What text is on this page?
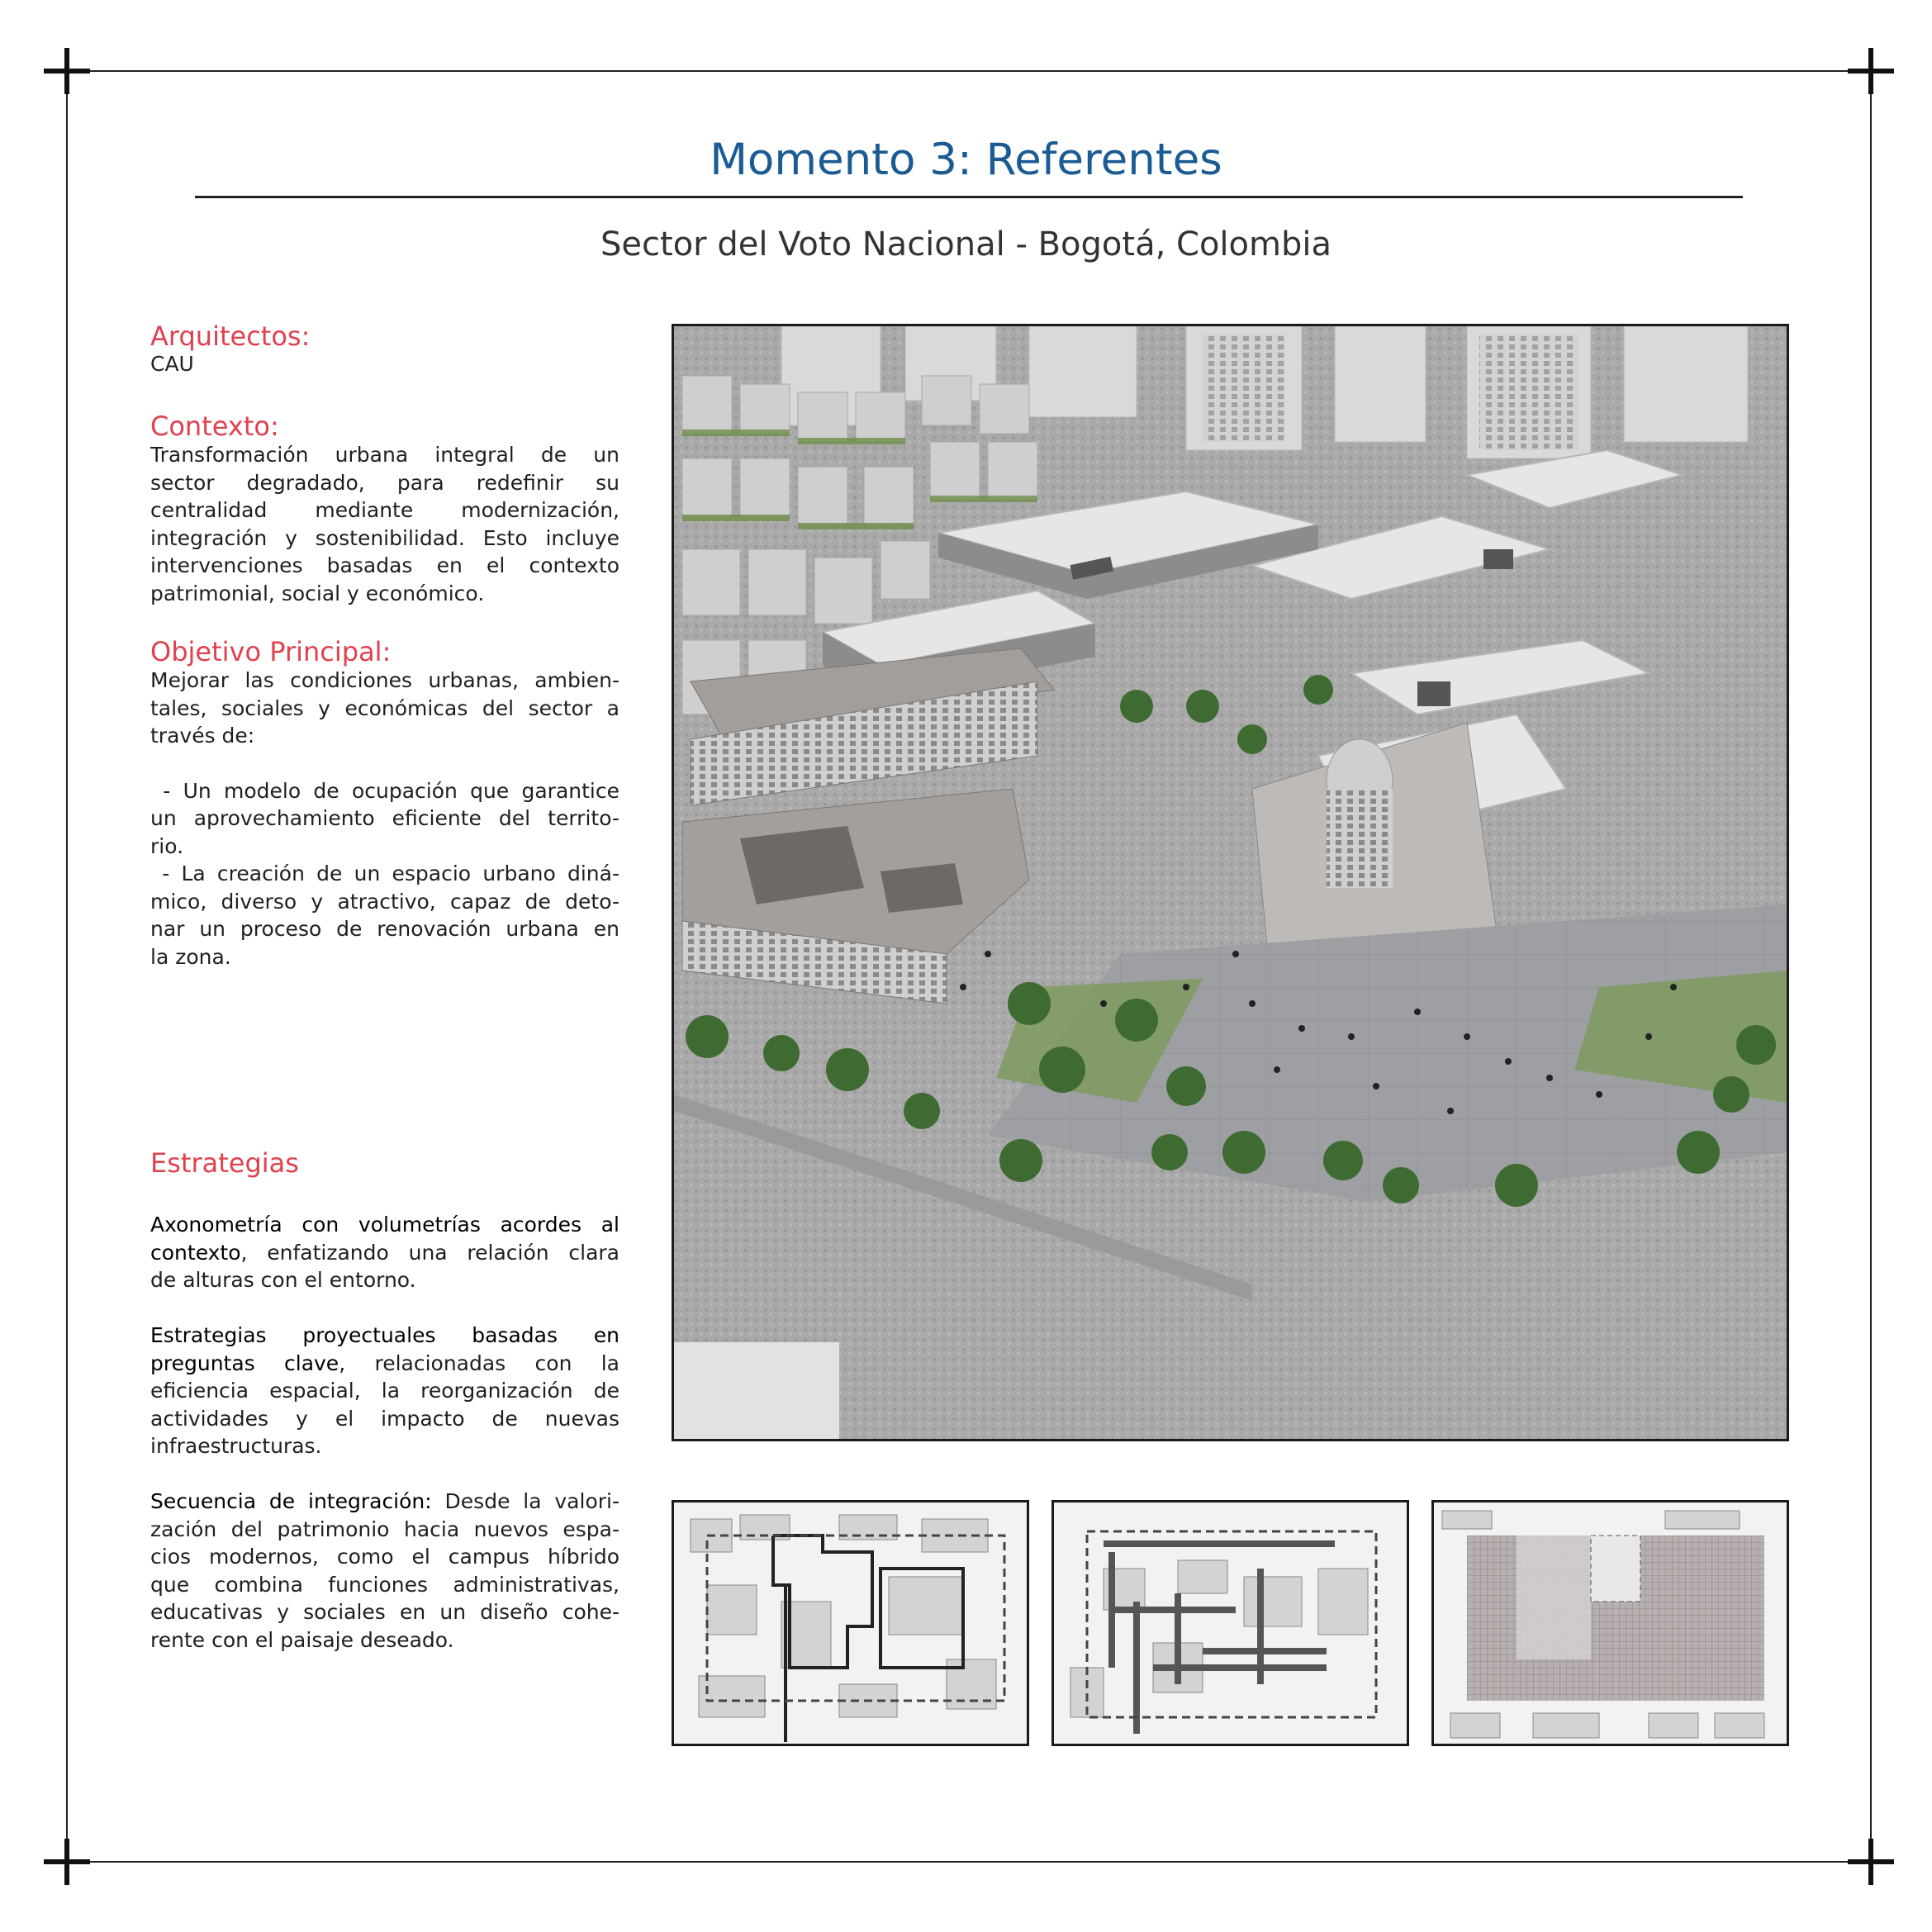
Momento 3: Referentes
Sector del Voto Nacional - Bogotá, Colombia
Arquitectos:
CAU
Contexto:
Transformación urbana integral de un
sector degradado, para redefinir su
centralidad mediante modernización,
integración y sostenibilidad. Esto incluye
intervenciones basadas en el contexto
patrimonial, social y económico.
Objetivo Principal:
Mejorar las condiciones urbanas, ambien-
tales, sociales y económicas del sector a
través de:
- Un modelo de ocupación que garantice
un aprovechamiento eficiente del territo-
rio.
- La creación de un espacio urbano diná-
mico, diverso y atractivo, capaz de deto-
nar un proceso de renovación urbana en
la zona.
Estrategias
Axonometría con volumetrías acordes al
contexto, enfatizando una relación clara
de alturas con el entorno.
Estrategias proyectuales basadas en
preguntas clave, relacionadas con la
eficiencia espacial, la reorganización de
actividades y el impacto de nuevas
infraestructuras.
Secuencia de integración: Desde la valori-
zación del patrimonio hacia nuevos espa-
cios modernos, como el campus híbrido
que combina funciones administrativas,
educativas y sociales en un diseño cohe-
rente con el paisaje deseado.
